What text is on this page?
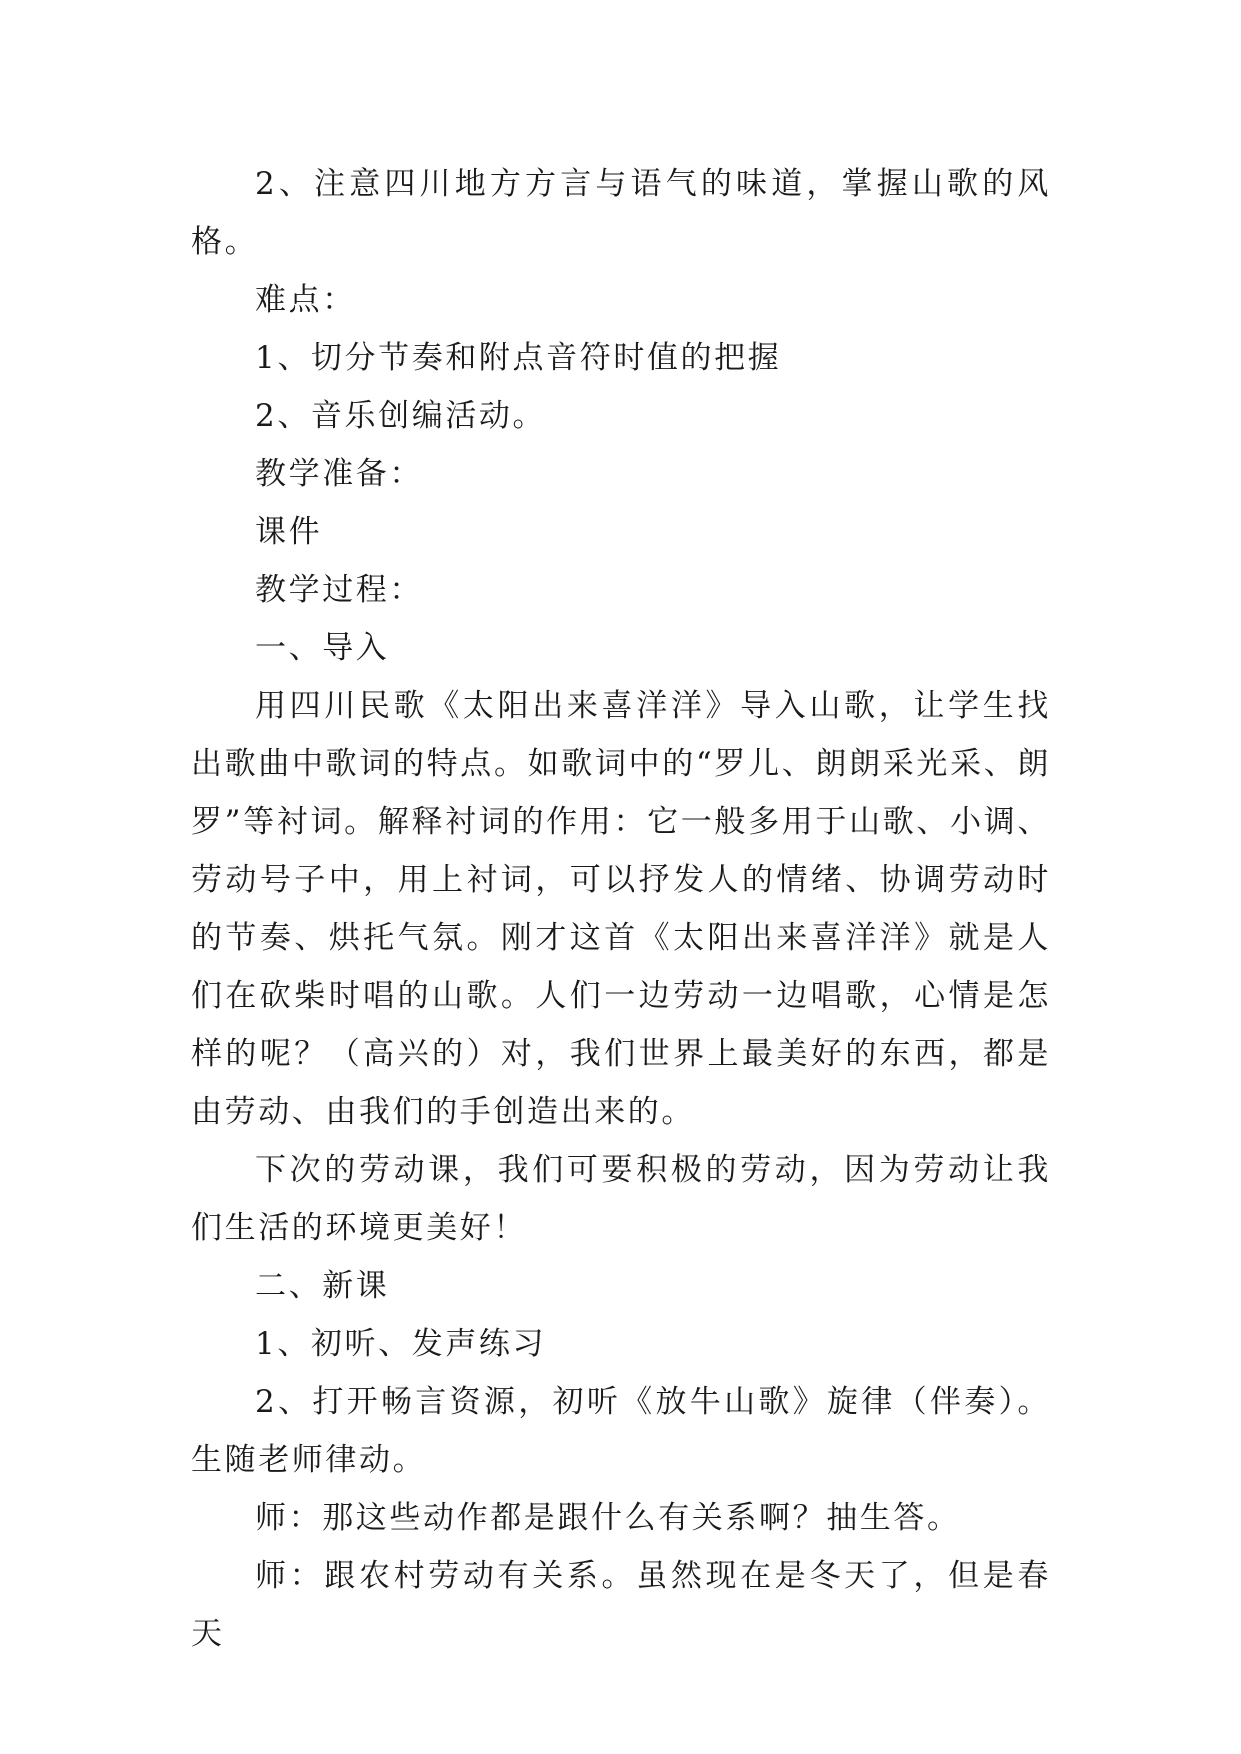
2、注意四川地方方言与语气的味道，掌握山歌的风格。

难点：

1、切分节奏和附点音符时值的把握

2、音乐创编活动。

教学准备：

课件

教学过程：

一、导入

用四川民歌《太阳出来喜洋洋》导入山歌，让学生找出歌曲中歌词的特点。如歌词中的“罗儿、朗朗采光采、朗罗”等衬词。解释衬词的作用：它一般多用于山歌、小调、劳动号子中，用上衬词，可以抒发人的情绪、协调劳动时的节奏、烘托气氛。刚才这首《太阳出来喜洋洋》就是人们在砍柴时唱的山歌。人们一边劳动一边唱歌，心情是怎样的呢？（高兴的）对，我们世界上最美好的东西，都是由劳动、由我们的手创造出来的。

下次的劳动课，我们可要积极的劳动，因为劳动让我们生活的环境更美好！

二、新课

1、初听、发声练习

2、打开畅言资源，初听《放牛山歌》旋律（伴奏）。生随老师律动。

师：那这些动作都是跟什么有关系啊？抽生答。

师：跟农村劳动有关系。虽然现在是冬天了，但是春天
